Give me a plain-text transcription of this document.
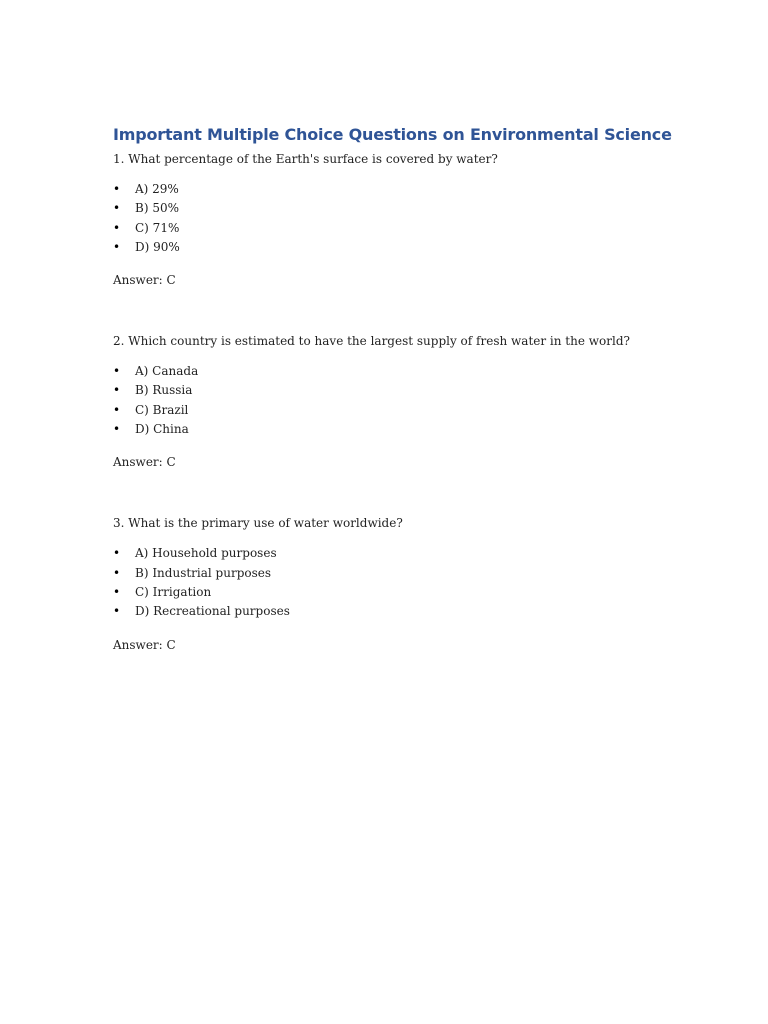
Important Multiple Choice Questions on Environmental Science

1. What percentage of the Earth's surface is covered by water?

• A) 29%
• B) 50%
• C) 71%
• D) 90%

Answer: C

2. Which country is estimated to have the largest supply of fresh water in the world?

• A) Canada
• B) Russia
• C) Brazil
• D) China

Answer: C

3. What is the primary use of water worldwide?

• A) Household purposes
• B) Industrial purposes
• C) Irrigation
• D) Recreational purposes

Answer: C
